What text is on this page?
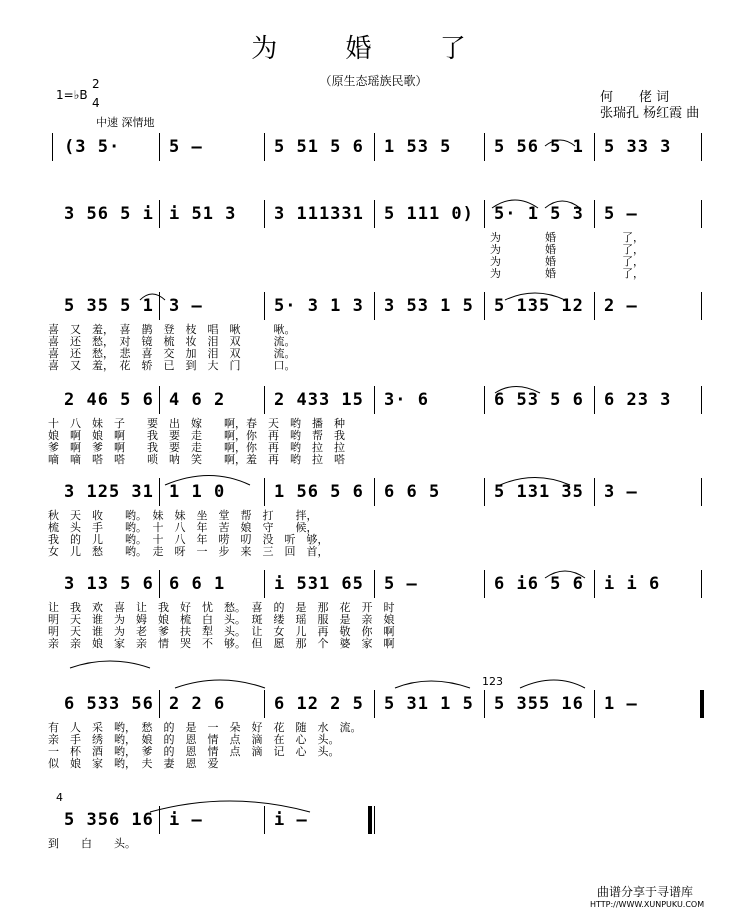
为 婚 了
（原生态瑶族民歌）
何　　佬 词
张瑞孔 杨红霞 曲
1=♭B
2
4
中速 深情地
(3 5·	5 –	5 51 5 6 1 53 5	5 56 5 1 5 33 3
3 56 5 i i 51 3 3 111331 5 111 0) 5· 1 5 3 5 –
为　　　　婚　　　　　　了，
为　　　　婚　　　　　　了，
为　　　　婚　　　　　　了，
为　　　　婚　　　　　　了，
5 35 5 1 3 –	5· 3 1 3 3 53 1 5 5 135 12 2 –
喜　又　羞，　喜　鹊　登　枝　唱　啾　　　啾。
喜　还　愁，　对　镜　梳　妆　泪　双　　　流。
喜　还　愁，　悲　喜　交　加　泪　双　　　流。
喜　又　羞，　花　轿　已　到　大　门　　　口。
2 46 5 6 4 6 2	2 433 15 3· 6	6 53 5 6 6 23 3
十　八　妹　子　　要　出　嫁　　啊，春　天　哟　播　种
娘　啊　娘　啊　　我　要　走　　啊，你　再　哟　帮　我
爹　啊　爹　啊　　我　要　走　　啊，你　再　哟　拉　拉
嘀　嘀　嗒　嗒　　唢　呐　笑　　啊，羞　再　哟　拉　嗒
3 125 31 1 1 0	1 56 5 6 6 6 5	5 131 35 3 –
秋　天　收　　哟。　妹　妹　坐　堂　帮　打　　拌，
梳　头　手　　哟。　十　八　年　苦　娘　守　　候，
我　的　儿　　哟。　十　八　年　唠　叨　没　听　够，
女　儿　愁　　哟。　走　呀　一　步　来　三　回　首，
3 13 5 6 6 6 1	i 531 65 5 –	6 i6 5 6 i i 6
让　我　欢　喜　让　我　好　忧　愁。　喜　的　是　那　花　开　时
明　天　谁　为　姆　娘　梳　白　头。　斑　缕　瑶　服　是　亲　娘
明　天　谁　为　老　爹　扶　犁　头。　让　女　儿　再　敬　你　啊
亲　亲　娘　家　亲　情　哭　不　够。　但　愿　那　个　婆　家　啊
6 533 56 2 2 6	6 12 2 5 5 31 1 5 5 355 16 1 –
123
有　人　采　哟，　愁　的　是　一　朵　好　花　随　水　流。
亲　手　绣　哟，　娘　的　恩　情　点　滴　在　心　头。
一　杯　酒　哟，　爹　的　恩　情　点　滴　记　心　头。
似　娘　家　哟，　夫　妻　恩　爱　　　　　　　　　　　　
5 356 16 i –	i –
4
到　　白　　头。
曲谱分享于寻谱库
HTTP://WWW.XUNPUKU.COM
